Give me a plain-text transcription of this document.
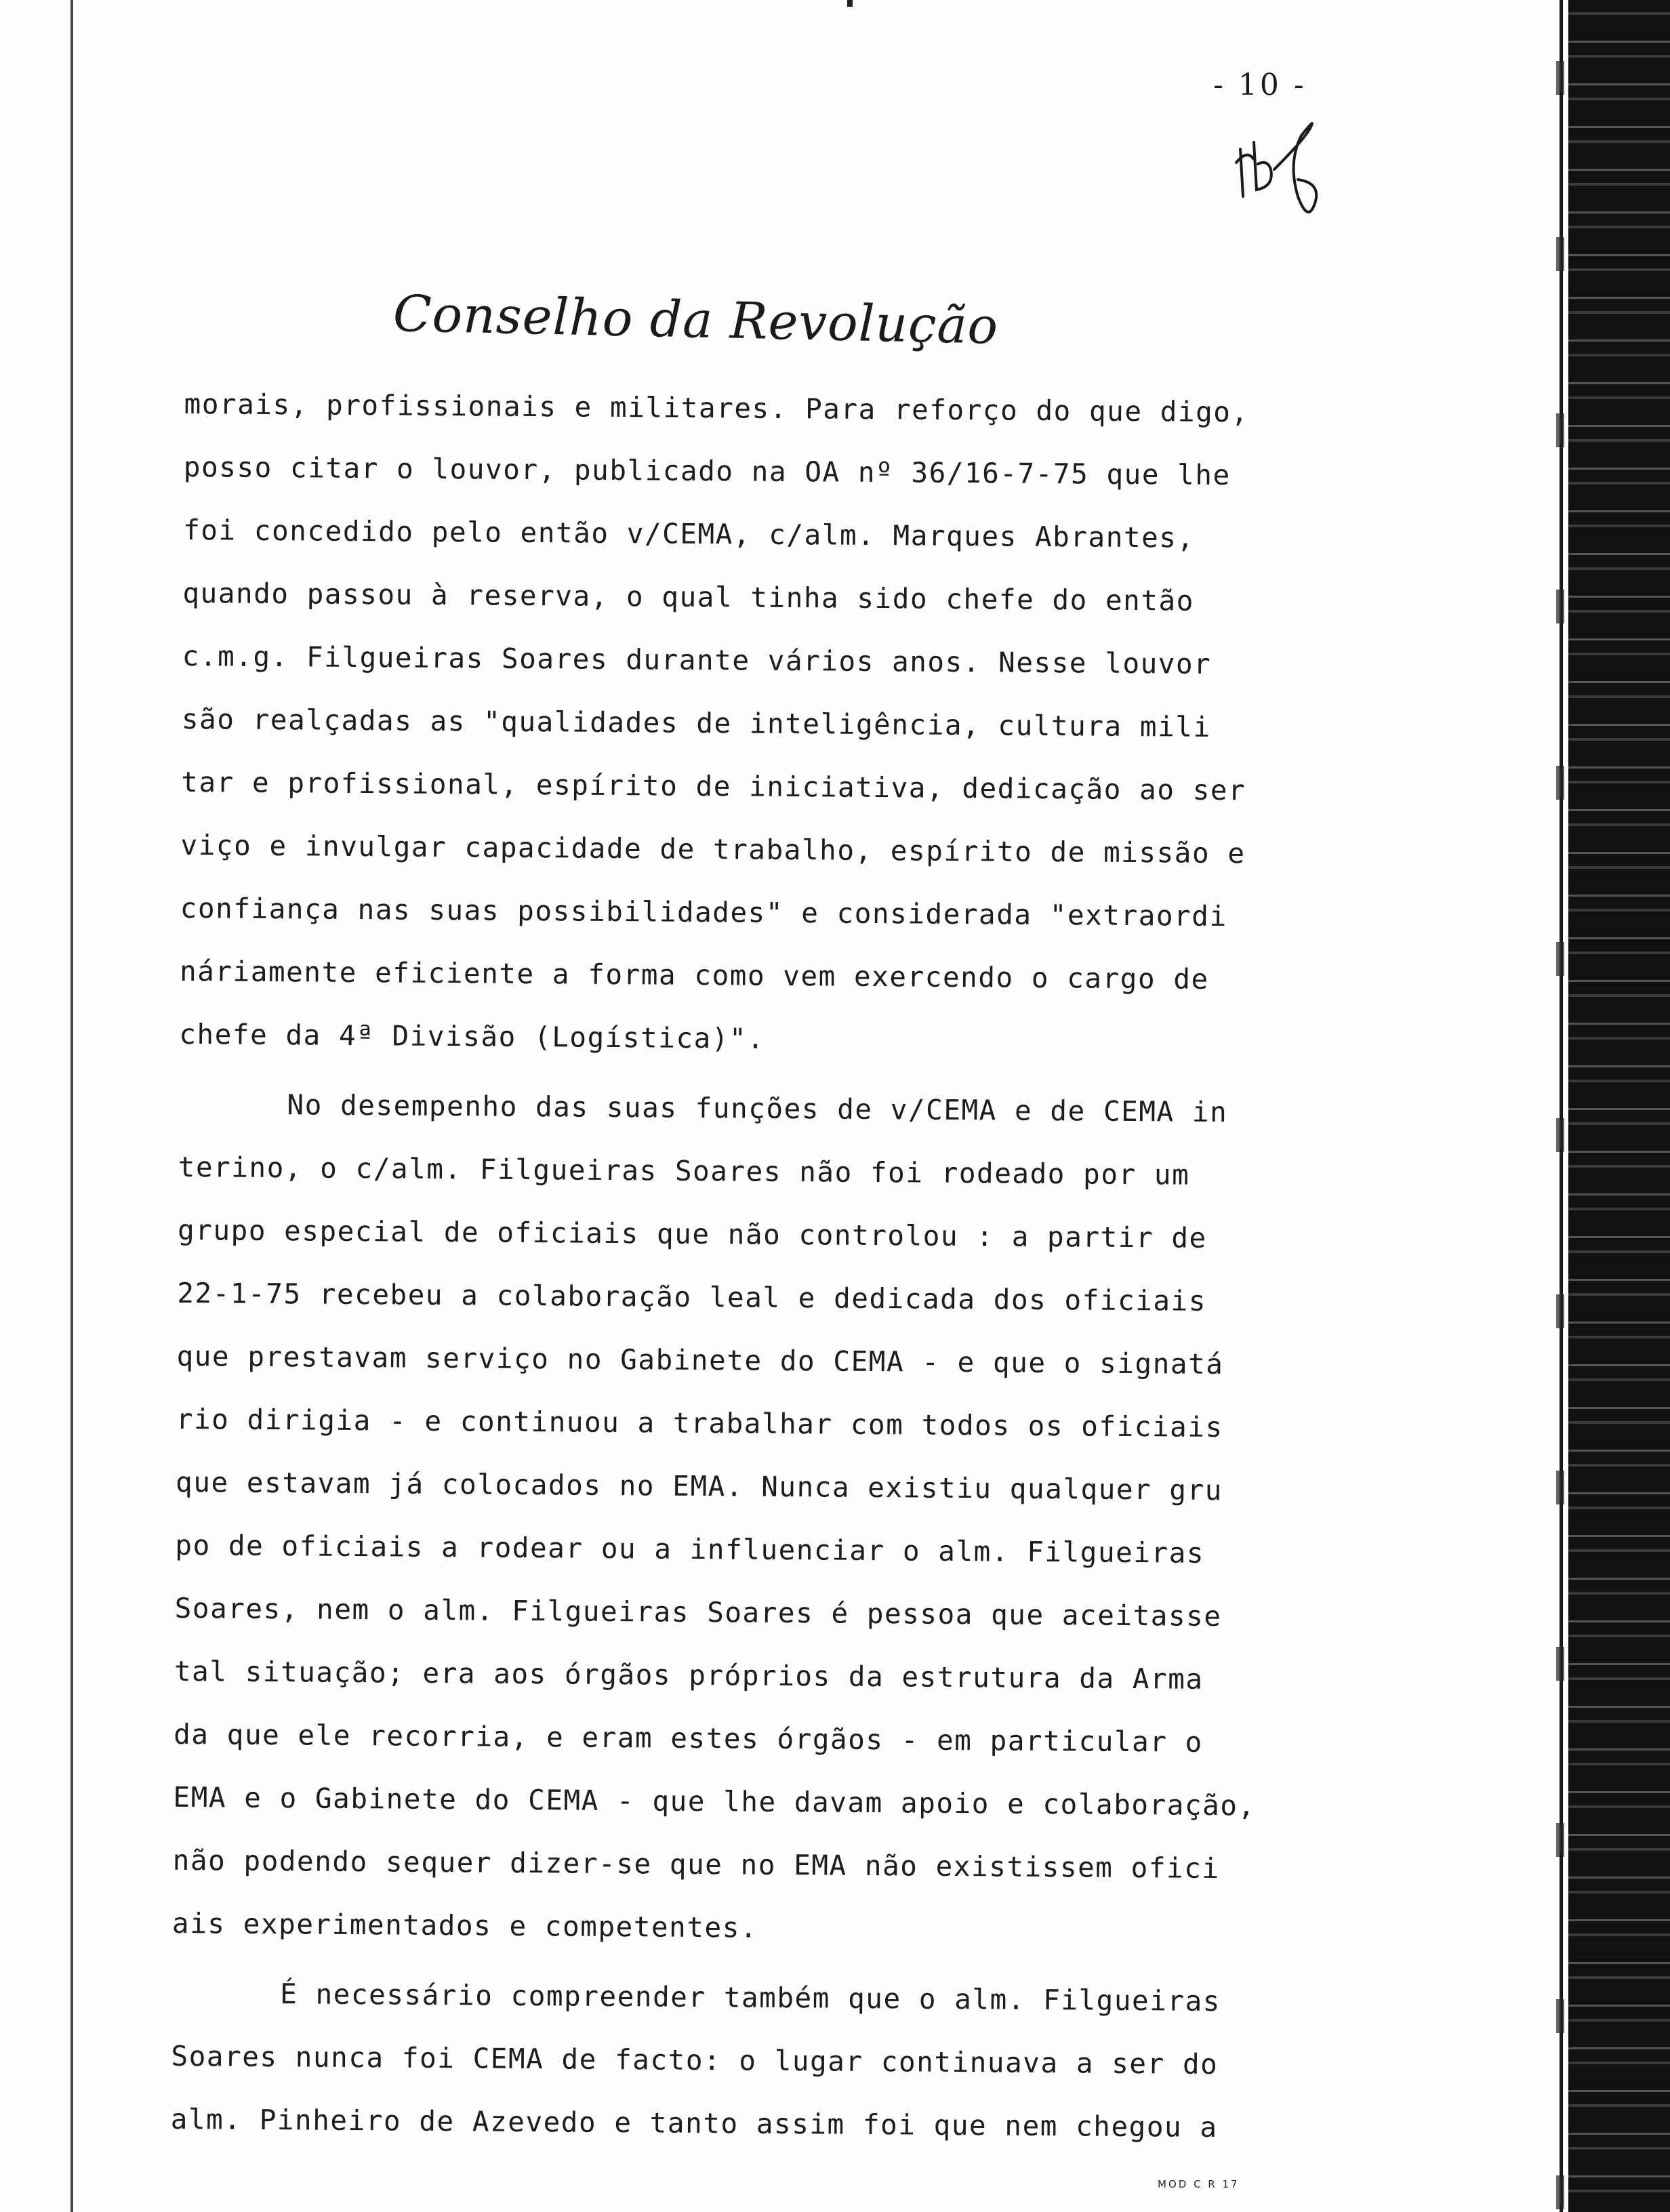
- 10 -
Conselho da Revolução
morais, profissionais e militares. Para reforço do que digo,
posso citar o louvor, publicado na OA nº 36/16-7-75 que lhe
foi concedido pelo então v/CEMA, c/alm. Marques Abrantes,
quando passou à reserva, o qual tinha sido chefe do então
c.m.g. Filgueiras Soares durante vários anos. Nesse louvor
são realçadas as "qualidades de inteligência, cultura mili
tar e profissional, espírito de iniciativa, dedicação ao ser
viço e invulgar capacidade de trabalho, espírito de missão e
confiança nas suas possibilidades" e considerada "extraordi
náriamente eficiente a forma como vem exercendo o cargo de
chefe da 4ª Divisão (Logística)".
No desempenho das suas funções de v/CEMA e de CEMA in
terino, o c/alm. Filgueiras Soares não foi rodeado por um
grupo especial de oficiais que não controlou : a partir de
22-1-75 recebeu a colaboração leal e dedicada dos oficiais
que prestavam serviço no Gabinete do CEMA - e que o signatá
rio dirigia - e continuou a trabalhar com todos os oficiais
que estavam já colocados no EMA. Nunca existiu qualquer gru
po de oficiais a rodear ou a influenciar o alm. Filgueiras
Soares, nem o alm. Filgueiras Soares é pessoa que aceitasse
tal situação; era aos órgãos próprios da estrutura da Arma
da que ele recorria, e eram estes órgãos - em particular o
EMA e o Gabinete do CEMA - que lhe davam apoio e colaboração,
não podendo sequer dizer-se que no EMA não existissem ofici
ais experimentados e competentes.
É necessário compreender também que o alm. Filgueiras
Soares nunca foi CEMA de facto: o lugar continuava a ser do
alm. Pinheiro de Azevedo e tanto assim foi que nem chegou a
MOD C R 17
